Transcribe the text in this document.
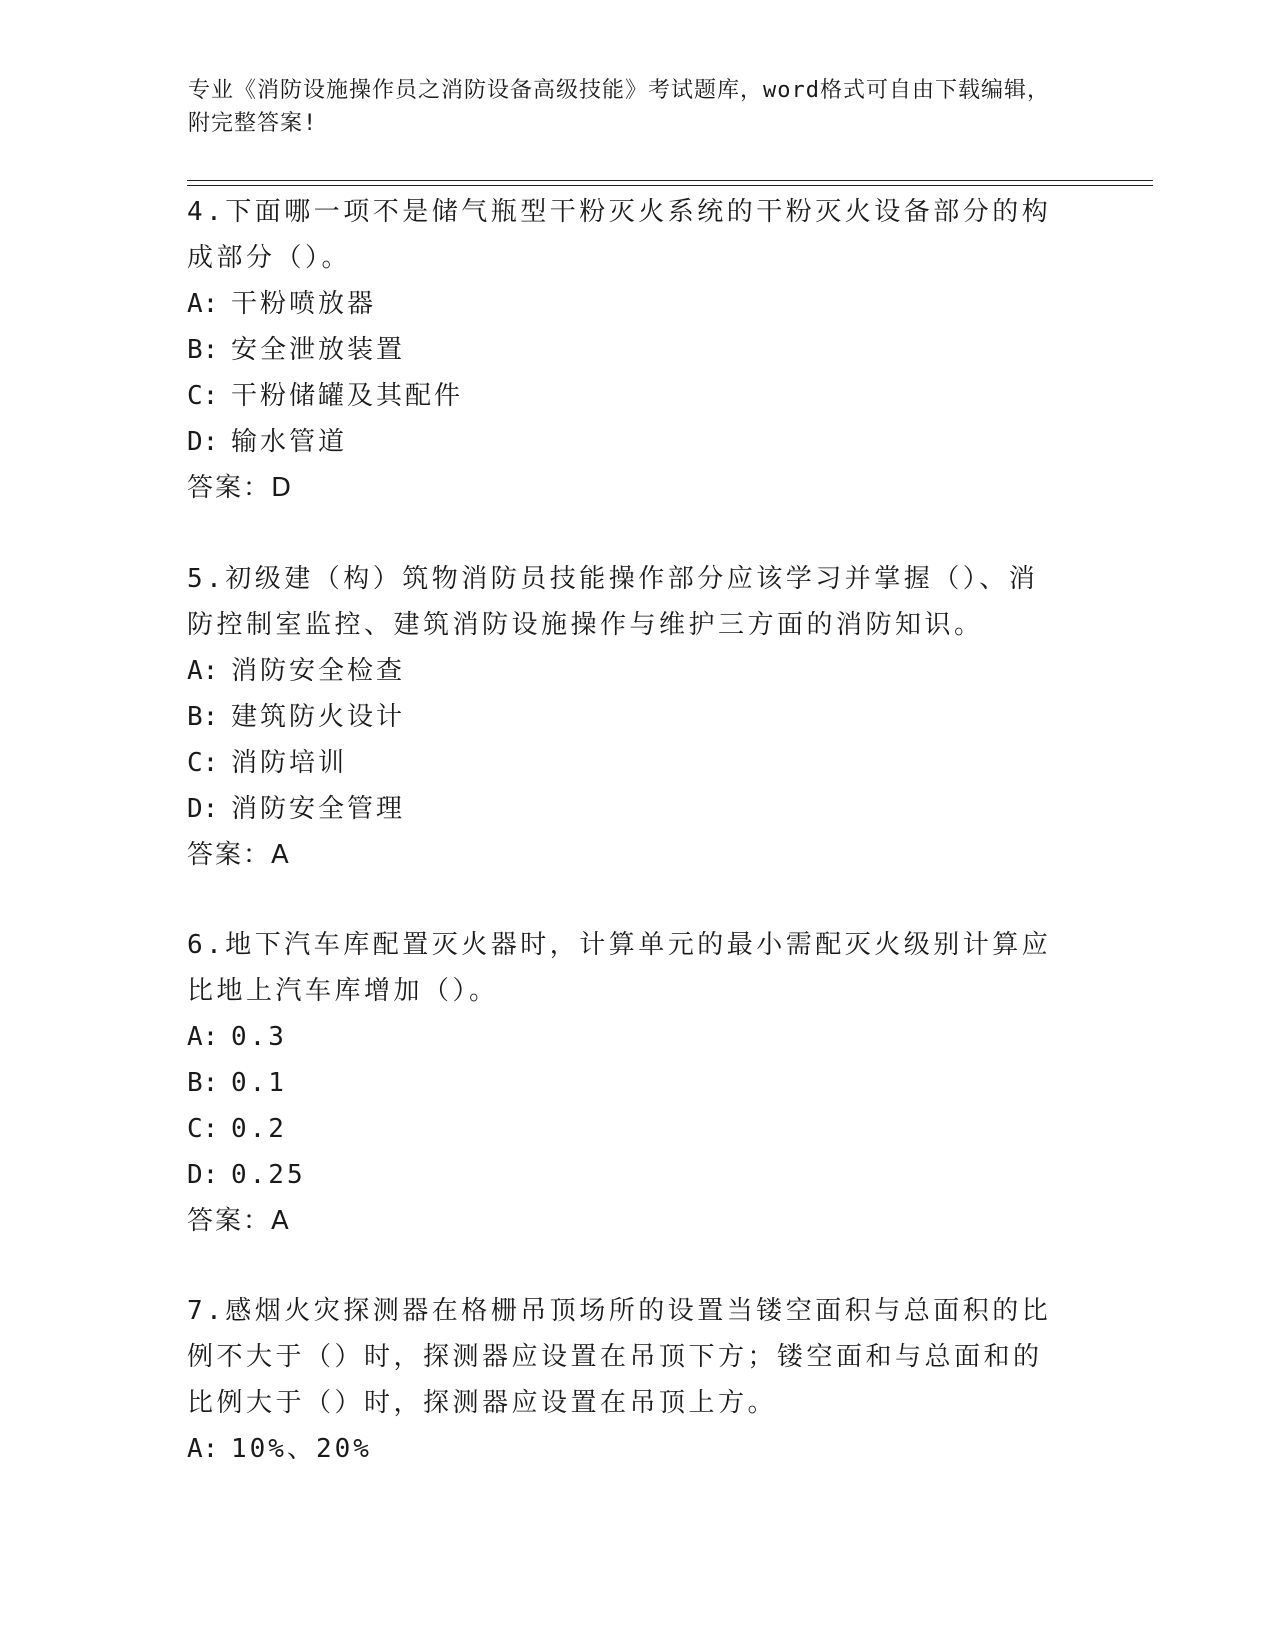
专业《消防设施操作员之消防设备高级技能》考试题库，word格式可自由下载编辑，附完整答案!

4.下面哪一项不是储气瓶型干粉灭火系统的干粉灭火设备部分的构成部分（）。

A: 干粉喷放器

B: 安全泄放装置

C: 干粉储罐及其配件

D: 输水管道

答案：D

5.初级建（构）筑物消防员技能操作部分应该学习并掌握（）、消防控制室监控、建筑消防设施操作与维护三方面的消防知识。

A: 消防安全检查

B: 建筑防火设计

C: 消防培训

D: 消防安全管理

答案：A

6.地下汽车库配置灭火器时，计算单元的最小需配灭火级别计算应比地上汽车库增加（）。

A: 0.3

B: 0.1

C: 0.2

D: 0.25

答案：A

7.感烟火灾探测器在格栅吊顶场所的设置当镂空面积与总面积的比例不大于（）时，探测器应设置在吊顶下方；镂空面和与总面和的比例大于（）时，探测器应设置在吊顶上方。

A: 10%、20%
